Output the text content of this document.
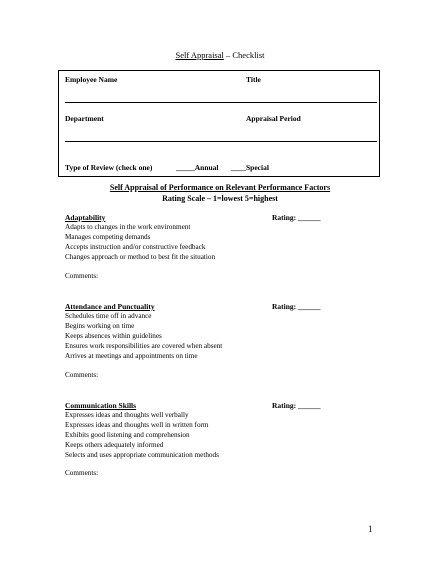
Self Appraisal – Checklist
Employee Name	Title
Department	Appraisal Period
Type of Review (check one)	_____Annual ____Special
Self Appraisal of Performance on Relevant Performance Factors
Rating Scale – 1=lowest 5=highest
Adaptability	Rating: ______
Adapts to changes in the work environment
Manages competing demands
Accepts instruction and/or constructive feedback
Changes approach or method to best fit the situation
Comments:
Attendance and Punctuality	Rating: ______
Schedules time off in advance
Begins working on time
Keeps absences within guidelines
Ensures work responsibilities are covered when absent
Arrives at meetings and appointments on time
Comments:
Communication Skills	Rating: ______
Expresses ideas and thoughts well verbally
Expresses ideas and thoughts well in written form
Exhibits good listening and comprehension
Keeps others adequately informed
Selects and uses appropriate communication methods
Comments:
1
